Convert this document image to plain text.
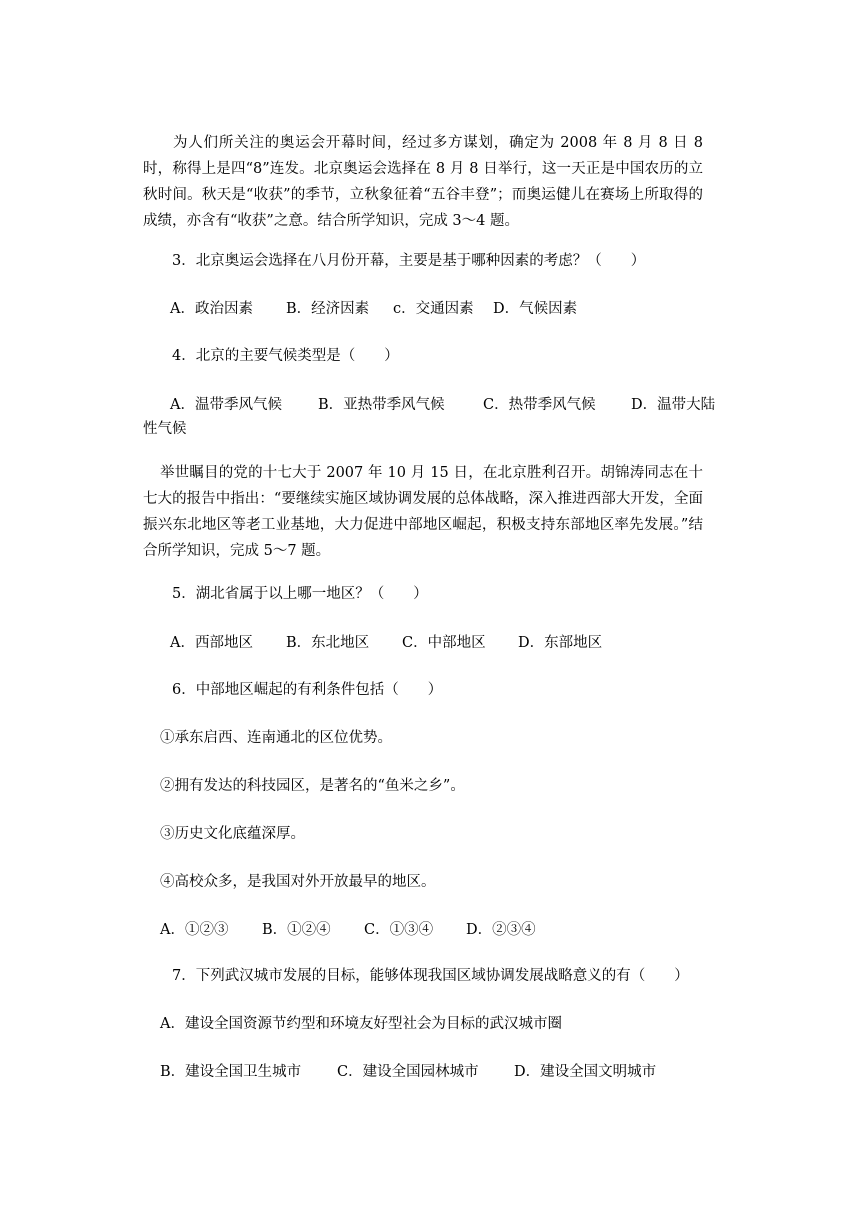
为人们所关注的奥运会开幕时间，经过多方谋划，确定为 2008 年 8 月 8 日 8 时，称得上是四“8”连发。北京奥运会选择在 8 月 8 日举行，这一天正是中国农历的立秋时间。秋天是“收获”的季节，立秋象征着“五谷丰登”；而奥运健儿在赛场上所取得的成绩，亦含有“收获”之意。结合所学知识，完成 3～4 题。

3．北京奥运会选择在八月份开幕，主要是基于哪种因素的考虑？（　　）
A．政治因素 B．经济因素 c．交通因素 D．气候因素
4．北京的主要气候类型是（　　）
A．温带季风气候 B．亚热带季风气候	C．热带季风气候 D．温带大陆
性气候

举世瞩目的党的十七大于 2007 年 10 月 15 日，在北京胜利召开。胡锦涛同志在十七大的报告中指出：“要继续实施区域协调发展的总体战略，深入推进西部大开发，全面振兴东北地区等老工业基地，大力促进中部地区崛起，积极支持东部地区率先发展。”结合所学知识，完成 5～7 题。

5．湖北省属于以上哪一地区？（　　）
A．西部地区 B．东北地区 C．中部地区 D．东部地区
6．中部地区崛起的有利条件包括（　　）
①承东启西、连南通北的区位优势。
②拥有发达的科技园区，是著名的“鱼米之乡”。
③历史文化底蕴深厚。
④高校众多，是我国对外开放最早的地区。
A．①②③ B．①②④ C．①③④ D．②③④
7．下列武汉城市发展的目标，能够体现我国区域协调发展战略意义的有（　　）
A．建设全国资源节约型和环境友好型社会为目标的武汉城市圈
B．建设全国卫生城市 C．建设全国园林城市 D．建设全国文明城市
